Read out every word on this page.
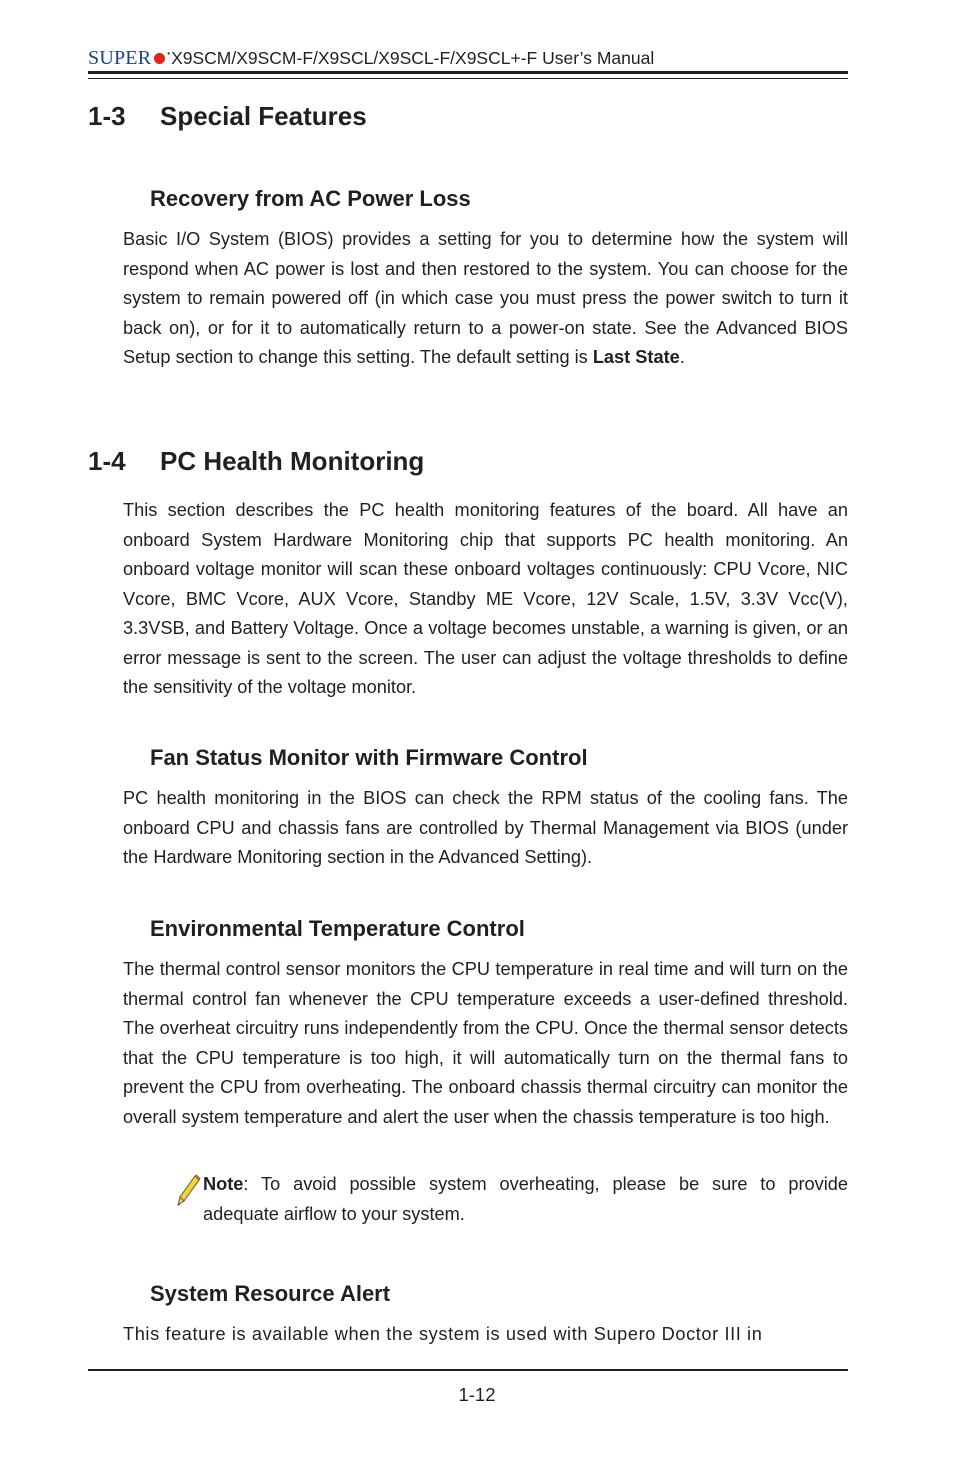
SUPER • X9SCM/X9SCM-F/X9SCL/X9SCL-F/X9SCL+-F User’s Manual
1-3 Special Features
Recovery from AC Power Loss

Basic I/O System (BIOS) provides a setting for you to determine how the system will respond when AC power is lost and then restored to the system. You can choose for the system to remain powered off (in which case you must press the power switch to turn it back on), or for it to automatically return to a power-on state. See the Advanced BIOS Setup section to change this setting. The default setting is Last State.

1-4 PC Health Monitoring

This section describes the PC health monitoring features of the board. All have an onboard System Hardware Monitoring chip that supports PC health monitoring. An onboard voltage monitor will scan these onboard voltages continuously: CPU Vcore, NIC Vcore, BMC Vcore, AUX Vcore, Standby ME Vcore, 12V Scale, 1.5V, 3.3V Vcc(V), 3.3VSB, and Battery Voltage. Once a voltage becomes unstable, a warning is given, or an error message is sent to the screen. The user can adjust the voltage thresholds to define the sensitivity of the voltage monitor.

Fan Status Monitor with Firmware Control

PC health monitoring in the BIOS can check the RPM status of the cooling fans. The onboard CPU and chassis fans are controlled by Thermal Management via BIOS (under the Hardware Monitoring section in the Advanced Setting).

Environmental Temperature Control

The thermal control sensor monitors the CPU temperature in real time and will turn on the thermal control fan whenever the CPU temperature exceeds a user-defined threshold. The overheat circuitry runs independently from the CPU. Once the thermal sensor detects that the CPU temperature is too high, it will automatically turn on the thermal fans to prevent the CPU from overheating. The onboard chassis thermal circuitry can monitor the overall system temperature and alert the user when the chassis temperature is too high.

Note: To avoid possible system overheating, please be sure to provide adequate airflow to your system.

System Resource Alert

This feature is available when the system is used with Supero Doctor III in

1-12
